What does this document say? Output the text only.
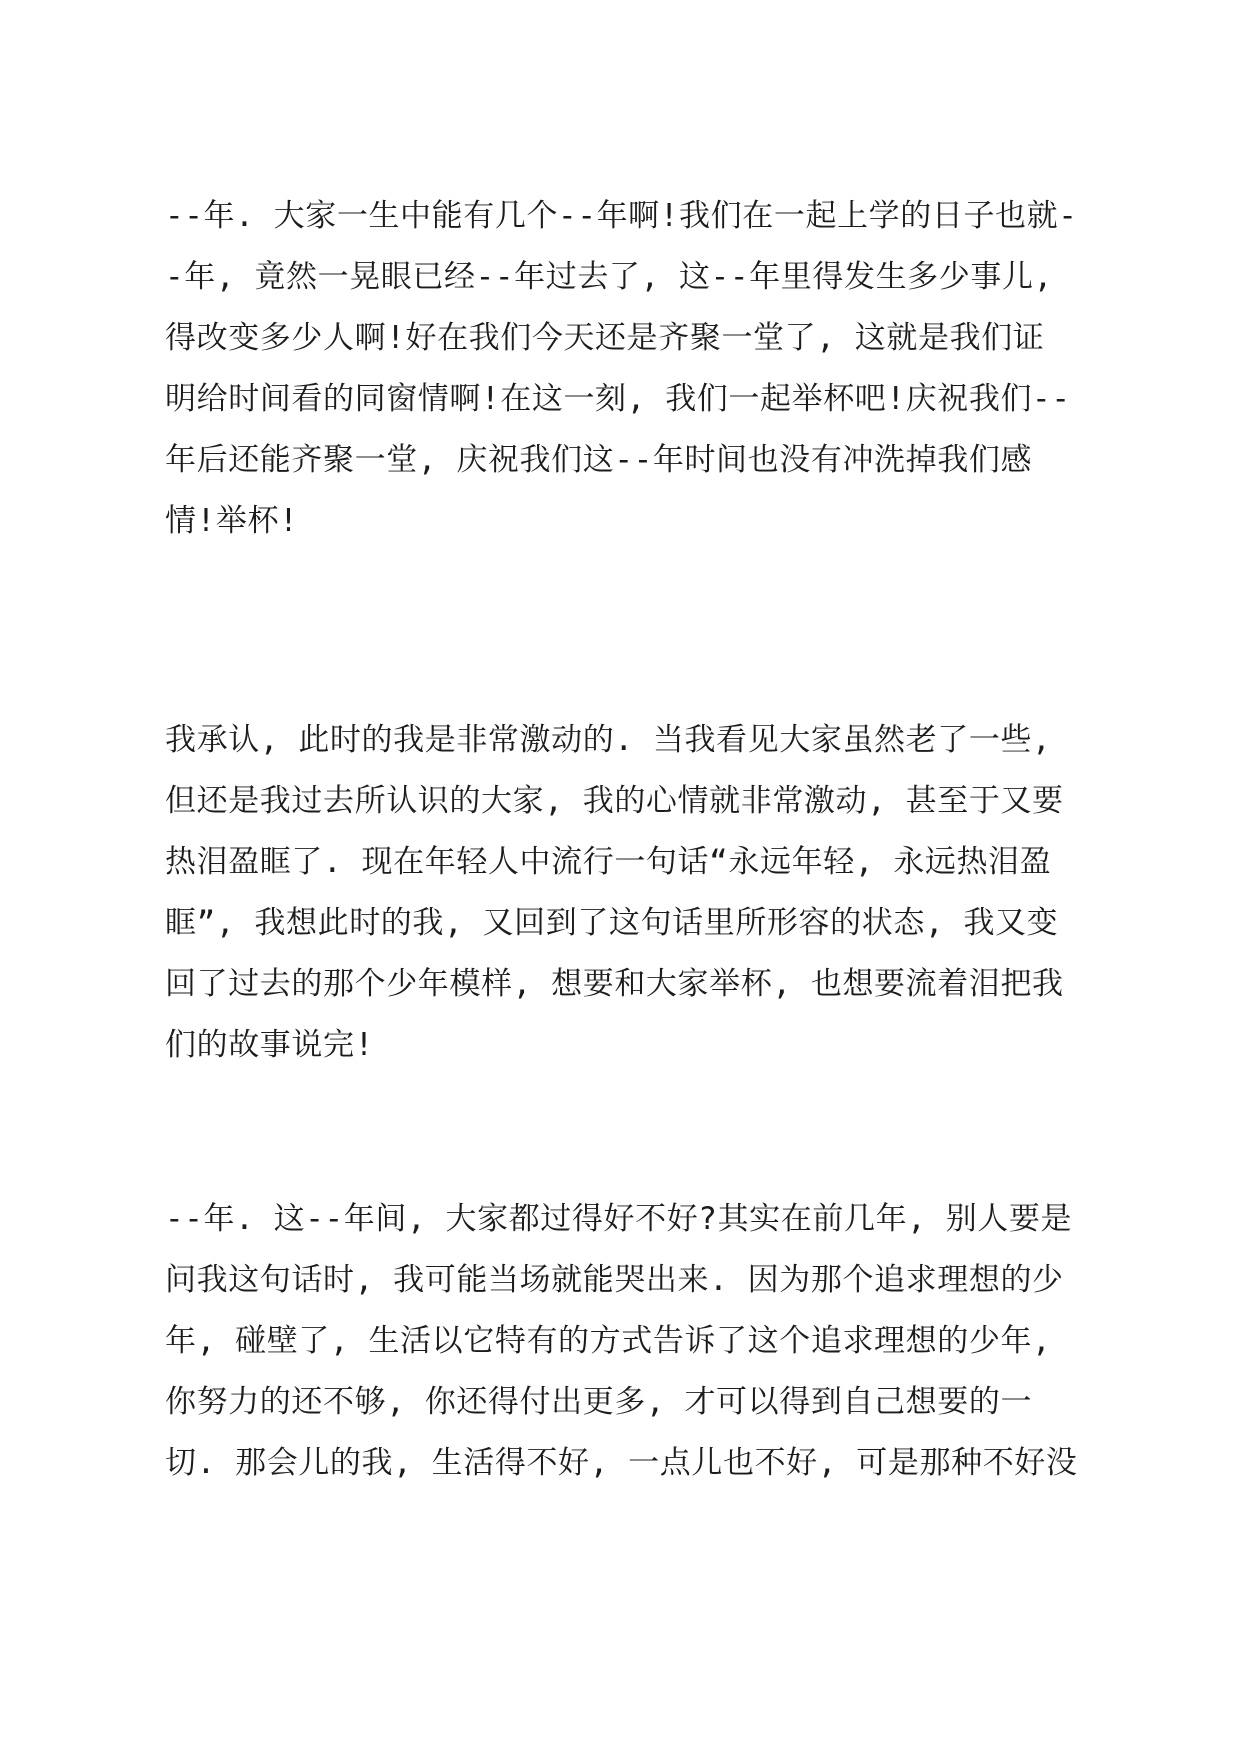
--年. 大家一生中能有几个--年啊!我们在一起上学的日子也就-
-年, 竟然一晃眼已经--年过去了, 这--年里得发生多少事儿,
得改变多少人啊!好在我们今天还是齐聚一堂了, 这就是我们证
明给时间看的同窗情啊!在这一刻, 我们一起举杯吧!庆祝我们--
年后还能齐聚一堂, 庆祝我们这--年时间也没有冲洗掉我们感
情!举杯!
我承认, 此时的我是非常激动的. 当我看见大家虽然老了一些,
但还是我过去所认识的大家, 我的心情就非常激动, 甚至于又要
热泪盈眶了. 现在年轻人中流行一句话“永远年轻, 永远热泪盈
眶”, 我想此时的我, 又回到了这句话里所形容的状态, 我又变
回了过去的那个少年模样, 想要和大家举杯, 也想要流着泪把我
们的故事说完!
--年. 这--年间, 大家都过得好不好?其实在前几年, 别人要是
问我这句话时, 我可能当场就能哭出来. 因为那个追求理想的少
年, 碰壁了, 生活以它特有的方式告诉了这个追求理想的少年,
你努力的还不够, 你还得付出更多, 才可以得到自己想要的一
切. 那会儿的我, 生活得不好, 一点儿也不好, 可是那种不好没
